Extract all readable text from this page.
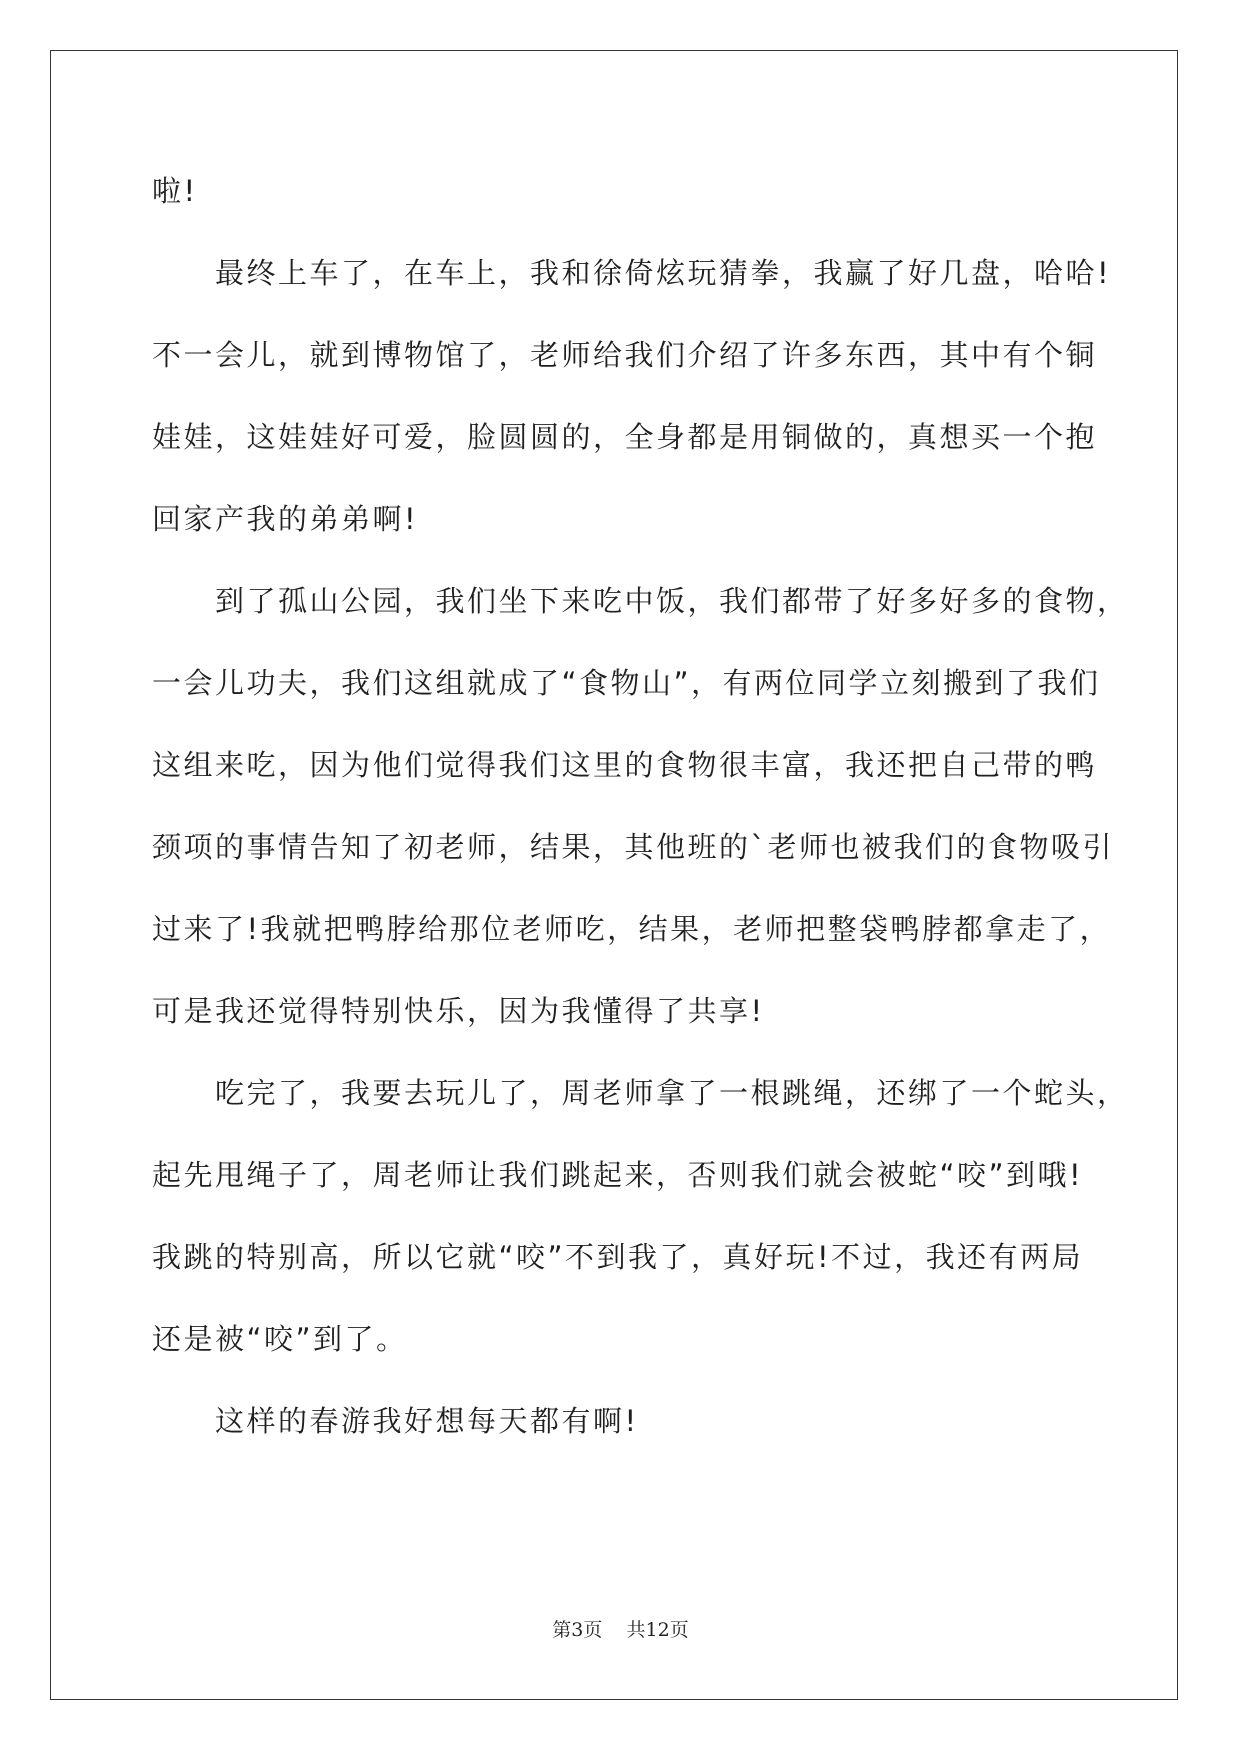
啦!

最终上车了，在车上，我和徐倚炫玩猜拳，我赢了好几盘，哈哈!

不一会儿，就到博物馆了，老师给我们介绍了许多东西，其中有个铜

娃娃，这娃娃好可爱，脸圆圆的，全身都是用铜做的，真想买一个抱

回家产我的弟弟啊!

到了孤山公园，我们坐下来吃中饭，我们都带了好多好多的食物，

一会儿功夫，我们这组就成了“食物山”，有两位同学立刻搬到了我们

这组来吃，因为他们觉得我们这里的食物很丰富，我还把自己带的鸭

颈项的事情告知了初老师，结果，其他班的`老师也被我们的食物吸引

过来了!我就把鸭脖给那位老师吃，结果，老师把整袋鸭脖都拿走了，

可是我还觉得特别快乐，因为我懂得了共享!

吃完了，我要去玩儿了，周老师拿了一根跳绳，还绑了一个蛇头，

起先甩绳子了，周老师让我们跳起来，否则我们就会被蛇“咬”到哦!

我跳的特别高，所以它就“咬”不到我了，真好玩!不过，我还有两局

还是被“咬”到了。

这样的春游我好想每天都有啊!

第3页 共12页
